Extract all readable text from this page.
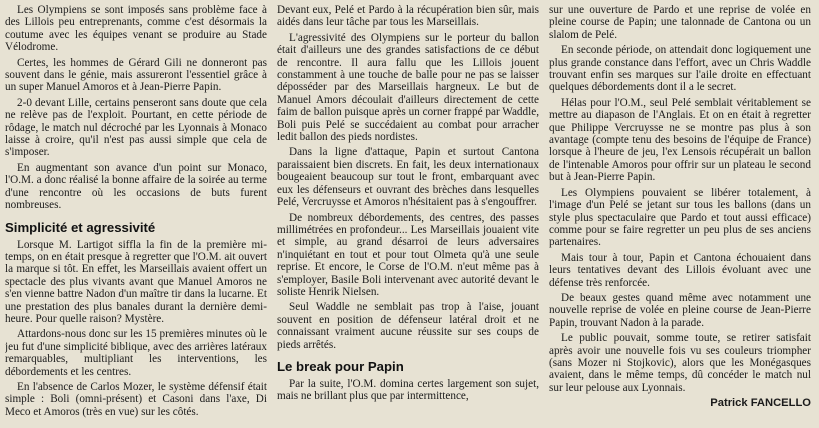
Les Olympiens se sont imposés sans problème face à des Lillois peu entreprenants, comme c'est désormais la coutume avec les équipes venant se produire au Stade Vélodrome.

Certes, les hommes de Gérard Gili ne donneront pas souvent dans le génie, mais assureront l'essentiel grâce à un super Manuel Amoros et à Jean-Pierre Papin.

2-0 devant Lille, certains penseront sans doute que cela ne relève pas de l'exploit. Pourtant, en cette période de rôdage, le match nul décroché par les Lyonnais à Monaco laisse à croire, qu'il n'est pas aussi simple que cela de s'imposer.

En augmentant son avance d'un point sur Monaco, l'O.M. a donc réalisé la bonne affaire de la soirée au terme d'une rencontre où les occasions de buts furent nombreuses.

Simplicité et agressivité

Lorsque M. Lartigot siffla la fin de la première mi-temps, on en était presque à regretter que l'O.M. ait ouvert la marque si tôt. En effet, les Marseillais avaient offert un spectacle des plus vivants avant que Manuel Amoros ne s'en vienne battre Nadon d'un maître tir dans la lucarne. Et une prestation des plus banales durant la dernière demi-heure. Pour quelle raison? Mystère.

Attardons-nous donc sur les 15 premières minutes où le jeu fut d'une simplicité biblique, avec des arrières latéraux remarquables, multipliant les interventions, les débordements et les centres.

En l'absence de Carlos Mozer, le système défensif était simple : Boli (omni-présent) et Casoni dans l'axe, Di Meco et Amoros (très en vue) sur les côtés.

Devant eux, Pelé et Pardo à la récupération bien sûr, mais aidés dans leur tâche par tous les Marseillais.

L'agressivité des Olympiens sur le porteur du ballon était d'ailleurs une des grandes satisfactions de ce début de rencontre. Il aura fallu que les Lillois jouent constamment à une touche de balle pour ne pas se laisser déposséder par des Marseillais hargneux. Le but de Manuel Amors découlait d'ailleurs directement de cette faim de ballon puisque après un corner frappé par Waddle, Boli puis Pelé se succédaient au combat pour arracher ledit ballon des pieds nordistes.

Dans la ligne d'attaque, Papin et surtout Cantona paraissaient bien discrets. En fait, les deux internationaux bougeaient beaucoup sur tout le front, embarquant avec eux les défenseurs et ouvrant des brèches dans lesquelles Pelé, Vercruysse et Amoros n'hésitaient pas à s'engouffrer.

De nombreux débordements, des centres, des passes millimétrées en profondeur... Les Marseillais jouaient vite et simple, au grand désarroi de leurs adversaires n'inquiétant en tout et pour tout Olmeta qu'à une seule reprise. Et encore, le Corse de l'O.M. n'eut même pas à s'employer, Basile Boli intervenant avec autorité devant le soliste Henrik Nielsen.

Seul Waddle ne semblait pas trop à l'aise, jouant souvent en position de défenseur latéral droit et ne connaissant vraiment aucune réussite sur ses coups de pieds arrêtés.

Le break pour Papin

Par la suite, l'O.M. domina certes largement son sujet, mais ne brillant plus que par intermittence,

sur une ouverture de Pardo et une reprise de volée en pleine course de Papin; une talonnade de Cantona ou un slalom de Pelé.

En seconde période, on attendait donc logiquement une plus grande constance dans l'effort, avec un Chris Waddle trouvant enfin ses marques sur l'aile droite en effectuant quelques débordements dont il a le secret.

Hélas pour l'O.M., seul Pelé semblait véritablement se mettre au diapason de l'Anglais. Et on en était à regretter que Philippe Vercruysse ne se montre pas plus à son avantage (compte tenu des besoins de l'équipe de France) lorsque à l'heure de jeu, l'ex Lensois récupérait un ballon de l'intenable Amoros pour offrir sur un plateau le second but à Jean-Pierre Papin.

Les Olympiens pouvaient se libérer totalement, à l'image d'un Pelé se jetant sur tous les ballons (dans un style plus spectaculaire que Pardo et tout aussi efficace) comme pour se faire regretter un peu plus de ses anciens partenaires.

Mais tour à tour, Papin et Cantona échouaient dans leurs tentatives devant des Lillois évoluant avec une défense très renforcée.

De beaux gestes quand même avec notamment une nouvelle reprise de volée en pleine course de Jean-Pierre Papin, trouvant Nadon à la parade.

Le public pouvait, somme toute, se retirer satisfait après avoir une nouvelle fois vu ses couleurs triompher (sans Mozer ni Stojkovic), alors que les Monégasques avaient, dans le même temps, dû concéder le match nul sur leur pelouse aux Lyonnais.

Patrick FANCELLO
